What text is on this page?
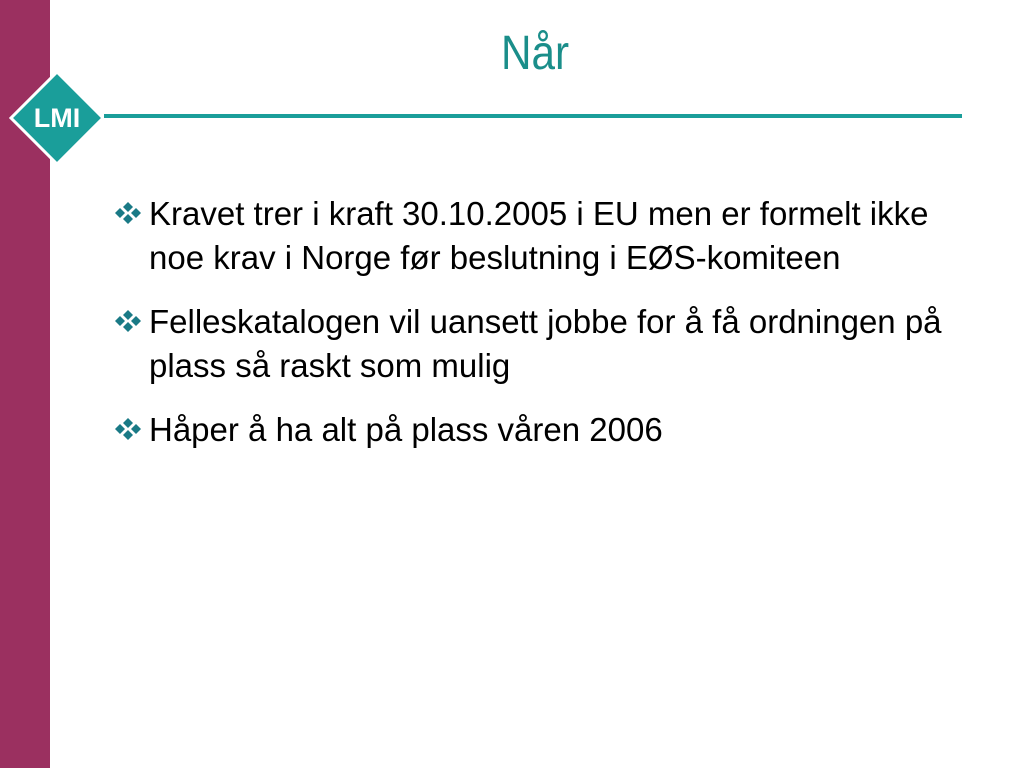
LMI
Når
Kravet trer i kraft 30.10.2005 i EU men er formelt ikke noe krav i Norge før beslutning i EØS-komiteen
Felleskatalogen vil uansett jobbe for å få ordningen på plass så raskt som mulig
Håper å ha alt på plass våren 2006
